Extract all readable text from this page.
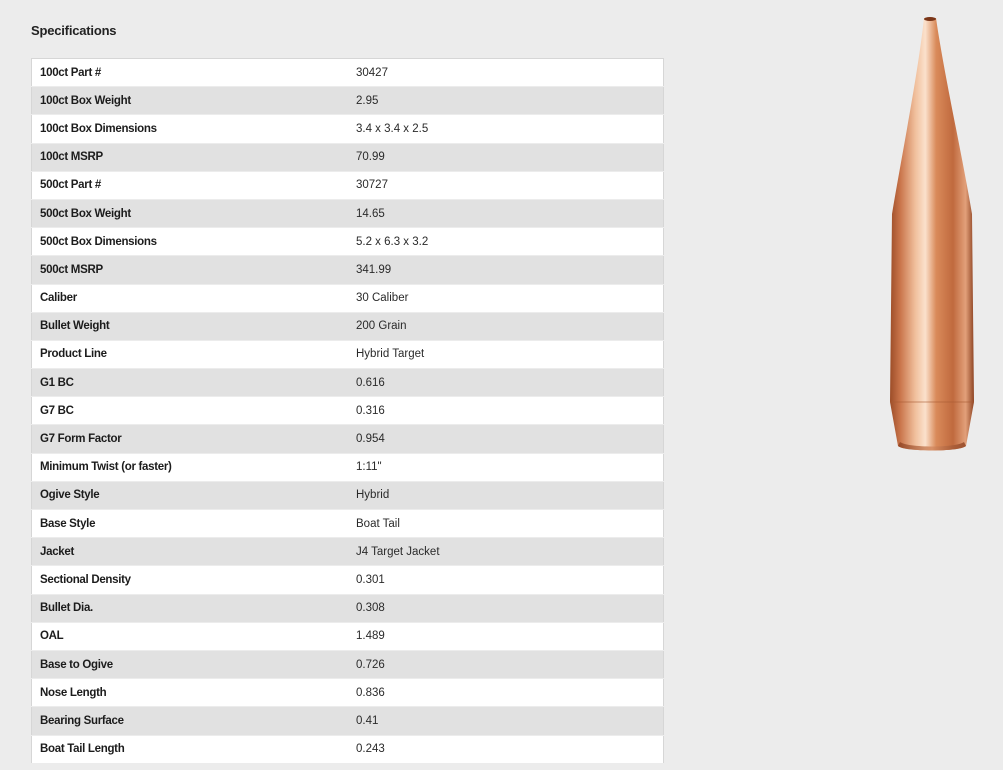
Specifications
100ct Part #	30427
100ct Box Weight	2.95
100ct Box Dimensions	3.4 x 3.4 x 2.5
100ct MSRP	70.99
500ct Part #	30727
500ct Box Weight	14.65
500ct Box Dimensions	5.2 x 6.3 x 3.2
500ct MSRP	341.99
Caliber	30 Caliber
Bullet Weight	200 Grain
Product Line	Hybrid Target
G1 BC	0.616
G7 BC	0.316
G7 Form Factor	0.954
Minimum Twist (or faster)	1:11"
Ogive Style	Hybrid
Base Style	Boat Tail
Jacket	J4 Target Jacket
Sectional Density	0.301
Bullet Dia.	0.308
OAL	1.489
Base to Ogive	0.726
Nose Length	0.836
Bearing Surface	0.41
Boat Tail Length	0.243
